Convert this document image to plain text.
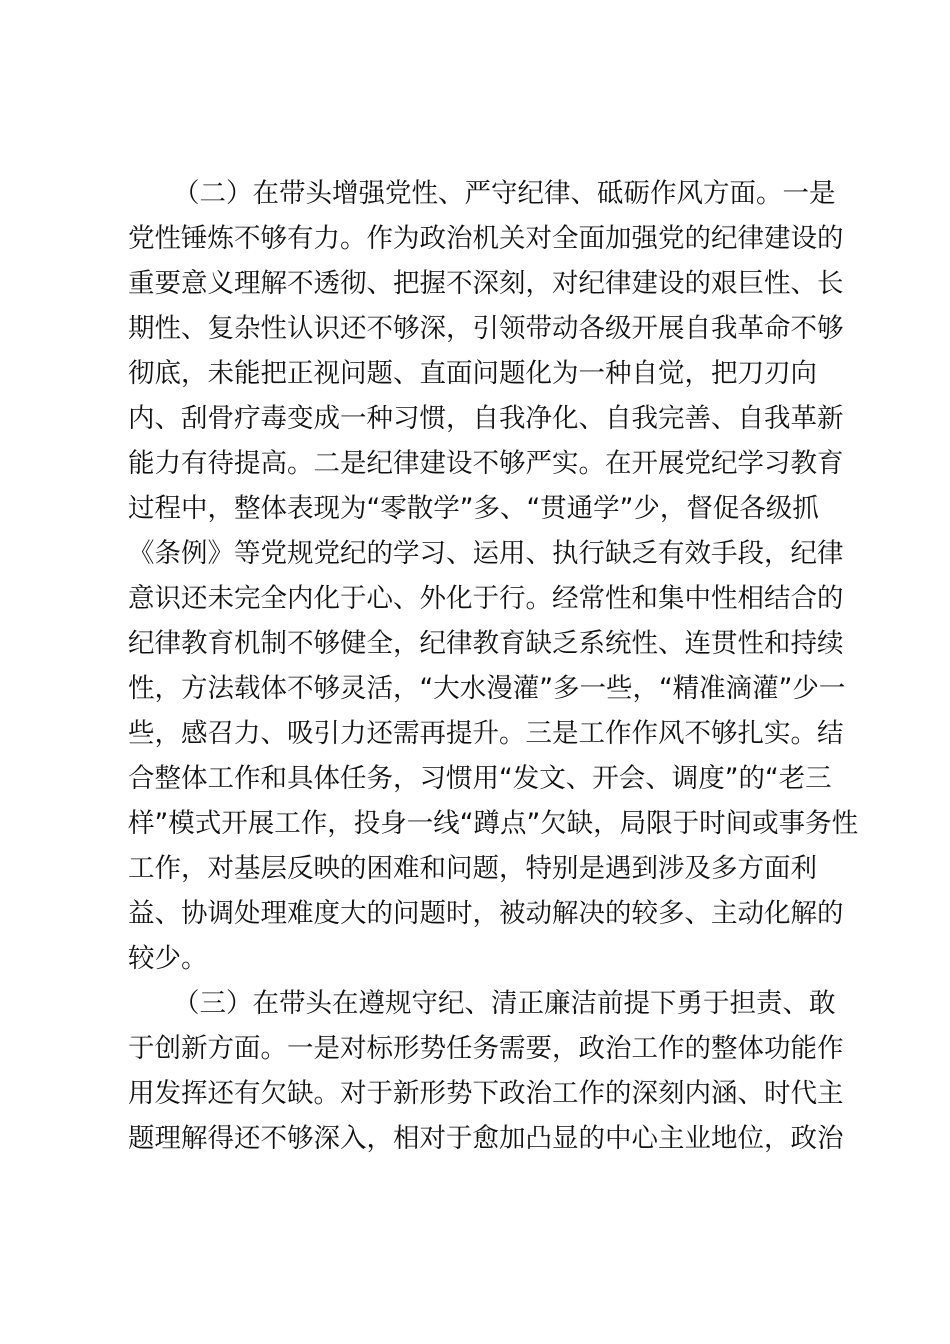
（二）在带头增强党性、严守纪律、砥砺作风方面。一是
党性锤炼不够有力。作为政治机关对全面加强党的纪律建设的
重要意义理解不透彻、把握不深刻，对纪律建设的艰巨性、长
期性、复杂性认识还不够深，引领带动各级开展自我革命不够
彻底，未能把正视问题、直面问题化为一种自觉，把刀刃向
内、刮骨疗毒变成一种习惯，自我净化、自我完善、自我革新
能力有待提高。二是纪律建设不够严实。在开展党纪学习教育
过程中，整体表现为“零散学”多、“贯通学”少，督促各级抓
《条例》等党规党纪的学习、运用、执行缺乏有效手段，纪律
意识还未完全内化于心、外化于行。经常性和集中性相结合的
纪律教育机制不够健全，纪律教育缺乏系统性、连贯性和持续
性，方法载体不够灵活，“大水漫灌”多一些，“精准滴灌”少一
些，感召力、吸引力还需再提升。三是工作作风不够扎实。结
合整体工作和具体任务，习惯用“发文、开会、调度”的“老三
样”模式开展工作，投身一线“蹲点”欠缺，局限于时间或事务性
工作，对基层反映的困难和问题，特别是遇到涉及多方面利
益、协调处理难度大的问题时，被动解决的较多、主动化解的
较少。
（三）在带头在遵规守纪、清正廉洁前提下勇于担责、敢
于创新方面。一是对标形势任务需要，政治工作的整体功能作
用发挥还有欠缺。对于新形势下政治工作的深刻内涵、时代主
题理解得还不够深入，相对于愈加凸显的中心主业地位，政治
